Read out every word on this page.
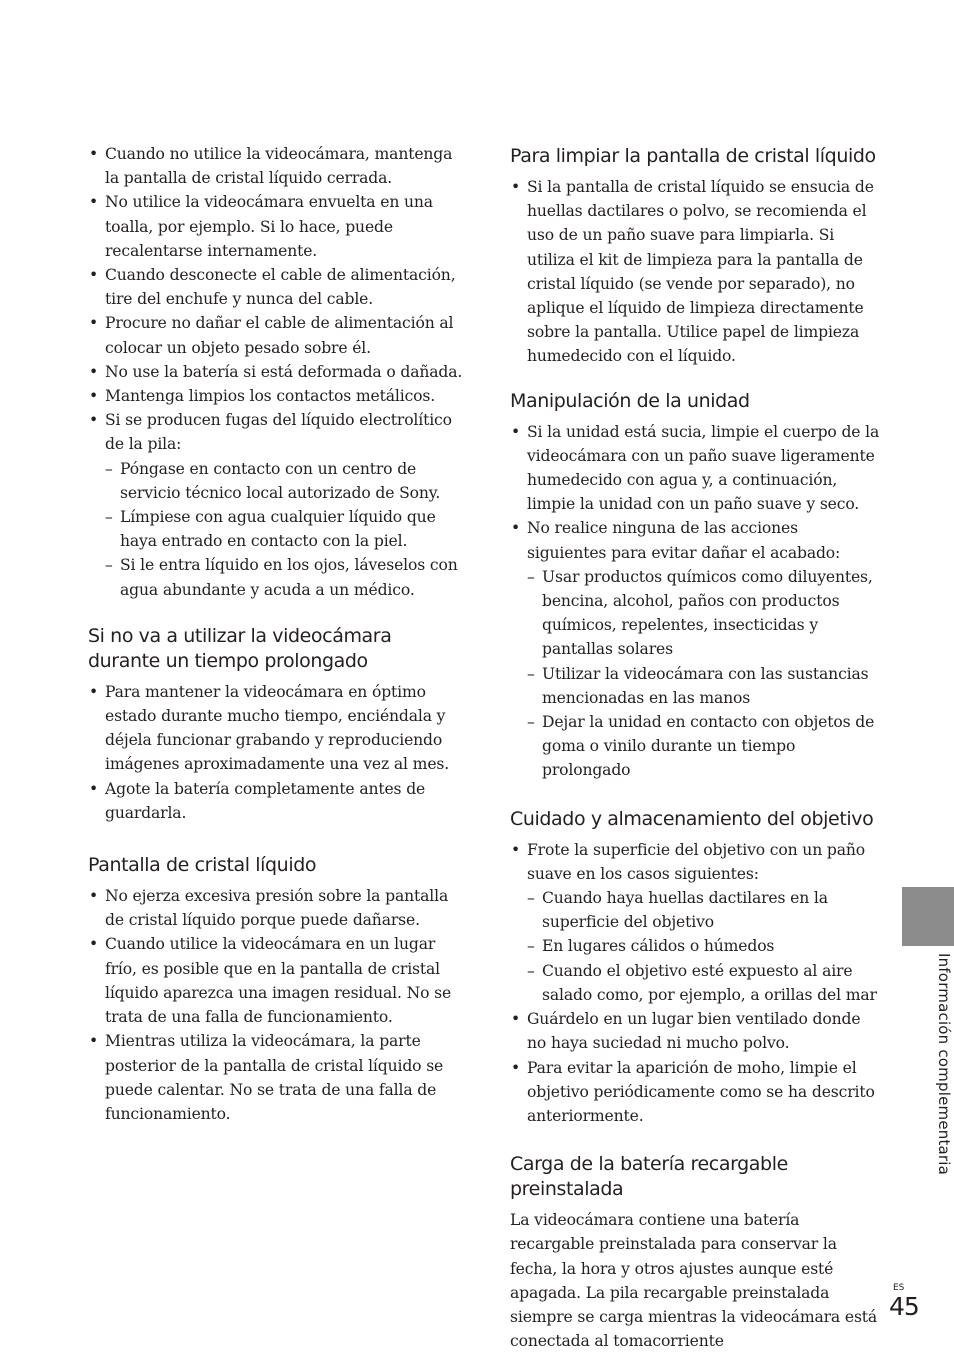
• Cuando no utilice la videocámara, mantenga la pantalla de cristal líquido cerrada.
• No utilice la videocámara envuelta en una toalla, por ejemplo. Si lo hace, puede recalentarse internamente.
• Cuando desconecte el cable de alimentación, tire del enchufe y nunca del cable.
• Procure no dañar el cable de alimentación al colocar un objeto pesado sobre él.
• No use la batería si está deformada o dañada.
• Mantenga limpios los contactos metálicos.
• Si se producen fugas del líquido electrolítico de la pila:
– Póngase en contacto con un centro de servicio técnico local autorizado de Sony.
– Límpiese con agua cualquier líquido que haya entrado en contacto con la piel.
– Si le entra líquido en los ojos, láveselos con agua abundante y acuda a un médico.
Si no va a utilizar la videocámara durante un tiempo prolongado
• Para mantener la videocámara en óptimo estado durante mucho tiempo, enciéndala y déjela funcionar grabando y reproduciendo imágenes aproximadamente una vez al mes.
• Agote la batería completamente antes de guardarla.
Pantalla de cristal líquido
• No ejerza excesiva presión sobre la pantalla de cristal líquido porque puede dañarse.
• Cuando utilice la videocámara en un lugar frío, es posible que en la pantalla de cristal líquido aparezca una imagen residual. No se trata de una falla de funcionamiento.
• Mientras utiliza la videocámara, la parte posterior de la pantalla de cristal líquido se puede calentar. No se trata de una falla de funcionamiento.
Para limpiar la pantalla de cristal líquido
• Si la pantalla de cristal líquido se ensucia de huellas dactilares o polvo, se recomienda el uso de un paño suave para limpiarla. Si utiliza el kit de limpieza para la pantalla de cristal líquido (se vende por separado), no aplique el líquido de limpieza directamente sobre la pantalla. Utilice papel de limpieza humedecido con el líquido.
Manipulación de la unidad
• Si la unidad está sucia, limpie el cuerpo de la videocámara con un paño suave ligeramente humedecido con agua y, a continuación, limpie la unidad con un paño suave y seco.
• No realice ninguna de las acciones siguientes para evitar dañar el acabado:
– Usar productos químicos como diluyentes, bencina, alcohol, paños con productos químicos, repelentes, insecticidas y pantallas solares
– Utilizar la videocámara con las sustancias mencionadas en las manos
– Dejar la unidad en contacto con objetos de goma o vinilo durante un tiempo prolongado
Cuidado y almacenamiento del objetivo
• Frote la superficie del objetivo con un paño suave en los casos siguientes:
– Cuando haya huellas dactilares en la superficie del objetivo
– En lugares cálidos o húmedos
– Cuando el objetivo esté expuesto al aire salado como, por ejemplo, a orillas del mar
• Guárdelo en un lugar bien ventilado donde no haya suciedad ni mucho polvo.
• Para evitar la aparición de moho, limpie el objetivo periódicamente como se ha descrito anteriormente.
Carga de la batería recargable preinstalada

La videocámara contiene una batería recargable preinstalada para conservar la fecha, la hora y otros ajustes aunque esté apagada. La pila recargable preinstalada siempre se carga mientras la videocámara está conectada al tomacorriente

Información complementaria
ES
45
